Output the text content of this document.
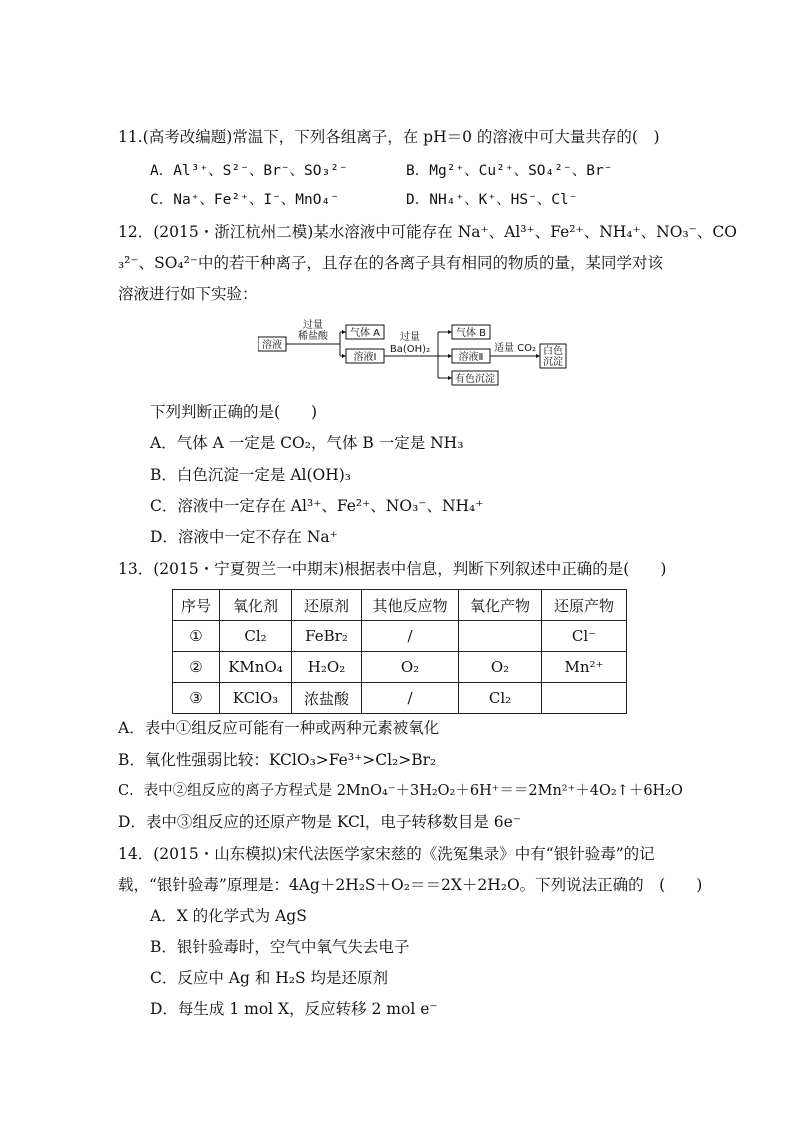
11.(高考改编题)常温下，下列各组离子，在 pH＝0 的溶液中可大量共存的(　)
A．Al³⁺、S²⁻、Br⁻、SO₃²⁻	B．Mg²⁺、Cu²⁺、SO₄²⁻、Br⁻
C．Na⁺、Fe²⁺、I⁻、MnO₄⁻	D．NH₄⁺、K⁺、HS⁻、Cl⁻
12．(2015・浙江杭州二模)某水溶液中可能存在 Na⁺、Al³⁺、Fe²⁺、NH₄⁺、NO₃⁻、CO
₃²⁻、SO₄²⁻中的若干种离子，且存在的各离子具有相同的物质的量，某同学对该
溶液进行如下实验：
溶液
过量
稀盐酸 气体 A
溶液Ⅰ
过量
Ba(OH)₂
气体 B
溶液Ⅱ
有色沉淀
适量 CO₂ 白色
沉淀
下列判断正确的是(　　)
A．气体 A 一定是 CO₂，气体 B 一定是 NH₃
B．白色沉淀一定是 Al(OH)₃
C．溶液中一定存在 Al³⁺、Fe²⁺、NO₃⁻、NH₄⁺
D．溶液中一定不存在 Na⁺
13．(2015・宁夏贺兰一中期末)根据表中信息，判断下列叙述中正确的是(　　)
序号	氧化剂	还原剂	其他反应物	氧化产物	还原产物
①	Cl₂	FeBr₂	/		Cl⁻
②	KMnO₄	H₂O₂	O₂	O₂	Mn²⁺
③	KClO₃	浓盐酸	/	Cl₂	
A．表中①组反应可能有一种或两种元素被氧化
B．氧化性强弱比较：KClO₃>Fe³⁺>Cl₂>Br₂
C．表中②组反应的离子方程式是 2MnO₄⁻＋3H₂O₂＋6H⁺＝＝2Mn²⁺＋4O₂↑＋6H₂O
D．表中③组反应的还原产物是 KCl，电子转移数目是 6e⁻
14．(2015・山东模拟)宋代法医学家宋慈的《洗冤集录》中有“银针验毒”的记
载，“银针验毒”原理是：4Ag＋2H₂S＋O₂＝＝2X＋2H₂O。下列说法正确的　(　　)
A．X 的化学式为 AgS
B．银针验毒时，空气中氧气失去电子
C．反应中 Ag 和 H₂S 均是还原剂
D．每生成 1 mol X，反应转移 2 mol e⁻
